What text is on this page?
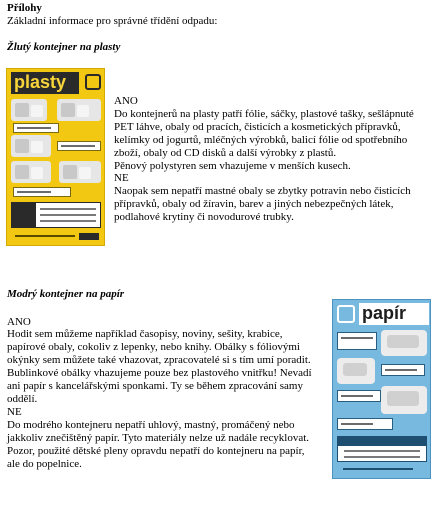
Přílohy
Základní informace pro správné třídění odpadu:
Žlutý kontejner na plasty
plasty
ANO
Do kontejnerů na plasty patří fólie, sáčky, plastové tašky, sešlápnuté
PET láhve, obaly od pracích, čisticích a kosmetických přípravků,
kelímky od jogurtů, mléčných výrobků, balicí fólie od spotřebního
zboží, obaly od CD disků a další výrobky z plastů.
Pěnový polystyren sem vhazujeme v menších kusech.
NE
Naopak sem nepatří mastné obaly se zbytky potravin nebo čisticích
přípravků, obaly od žíravin, barev a jiných nebezpečných látek,
podlahové krytiny či novodurové trubky.
Modrý kontejner na papír
ANO
Hodit sem můžeme například časopisy, noviny, sešity, krabice,
papírové obaly, cokoliv z lepenky, nebo knihy. Obálky s fóliovými
okýnky sem můžete také vhazovat, zpracovatelé si s tím umí poradit.
Bublinkové obálky vhazujeme pouze bez plastového vnitřku! Nevadí
ani papír s kancelářskými sponkami. Ty se během zpracování samy
oddělí.
NE
Do modrého kontejneru nepatří uhlový, mastný, promáčený nebo
jakkoliv znečištěný papír. Tyto materiály nelze už nadále recyklovat.
Pozor, použité dětské pleny opravdu nepatří do kontejneru na papír,
ale do popelnice.
papír
